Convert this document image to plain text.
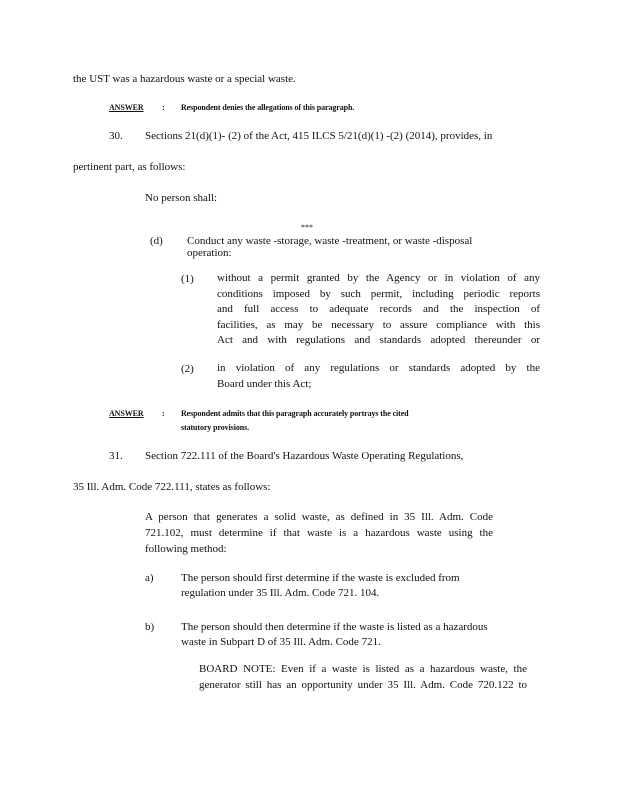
the UST was a hazardous waste or a special waste.
ANSWER : Respondent denies the allegations of this paragraph.
30. Sections 21(d)(1)- (2) of the Act, 415 ILCS 5/21(d)(1) -(2) (2014), provides, in
pertinent part, as follows:
No person shall:
***
(d) Conduct any waste -storage, waste -treatment, or waste -disposal
operation:
(1) without a permit granted by the Agency or in violation of any
conditions imposed by such permit, including periodic reports
and full access to adequate records and the inspection of
facilities, as may be necessary to assure compliance with this
Act and with regulations and standards adopted thereunder or
(2) in violation of any regulations or standards adopted by the
Board under this Act;
ANSWER : Respondent admits that this paragraph accurately portrays the cited
statutory provisions.
31. Section 722.111 of the Board's Hazardous Waste Operating Regulations,
35 Ill. Adm. Code 722.111, states as follows:
A person that generates a solid waste, as defined in 35 Ill. Adm. Code
721.102, must determine if that waste is a hazardous waste using the
following method:
a) The person should first determine if the waste is excluded from
regulation under 35 Ill. Adm. Code 721. 104.
b) The person should then determine if the waste is listed as a hazardous
waste in Subpart D of 35 Ill. Adm. Code 721.
BOARD NOTE: Even if a waste is listed as a hazardous waste, the
generator still has an opportunity under 35 Ill. Adm. Code 720.122 to
